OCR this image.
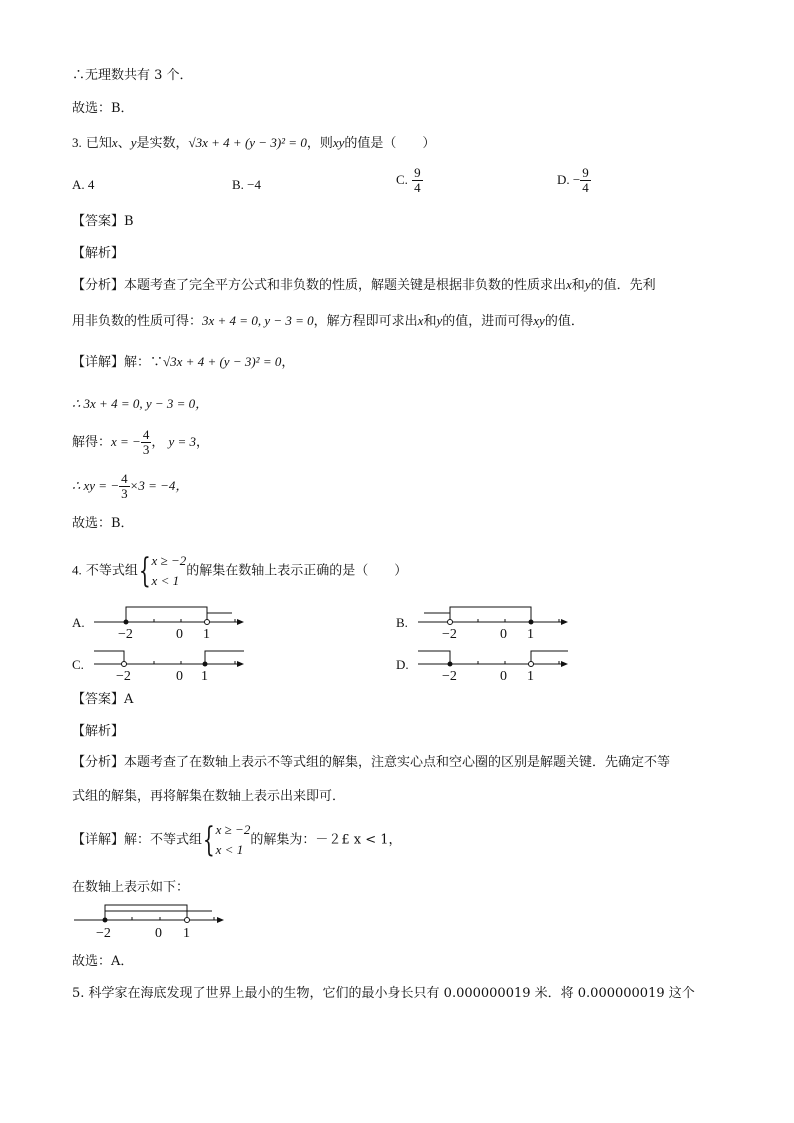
∴无理数共有 3 个．
故选：B．
3. 已知x、y是实数，√3x + 4 + (y − 3)² = 0，则xy的值是（　　）
A. 4	B. −4	C. $\frac{9}{4}$	D. − $\frac{9}{4}$
【答案】B
【解析】
【分析】本题考查了完全平方公式和非负数的性质，解题关键是根据非负数的性质求出x和y的值．先利
用非负数的性质可得：3x + 4 = 0, y − 3 = 0，解方程即可求出x和y的值，进而可得xy的值．
【详解】解：∵√3x + 4 + (y − 3)² = 0，
∴ 3x + 4 = 0, y − 3 = 0，
解得：x = − $\frac{4}{3}$ ， y = 3，
∴ xy = − $\frac{4}{3} \times 3 = -4$，
故选：B．
4. 不等式组{x ≥ −2
x < 1的解集在数轴上表示正确的是（　　）
A.	B.
C.	D.
−2	0 1	−2	0 1
−2	0 1	−2	0 1
【答案】A
【解析】
【分析】本题考查了在数轴上表示不等式组的解集，注意实心点和空心圈的区别是解题关键．先确定不等
式组的解集，再将解集在数轴上表示出来即可．
【详解】解：不等式组{x ≥ −2
x < 1的解集为：－２£ x < 1，
在数轴上表示如下：
−2	0 1
故选：A．
5. 科学家在海底发现了世界上最小的生物，它们的最小身长只有 0.000000019 米．将 0.000000019 这个
